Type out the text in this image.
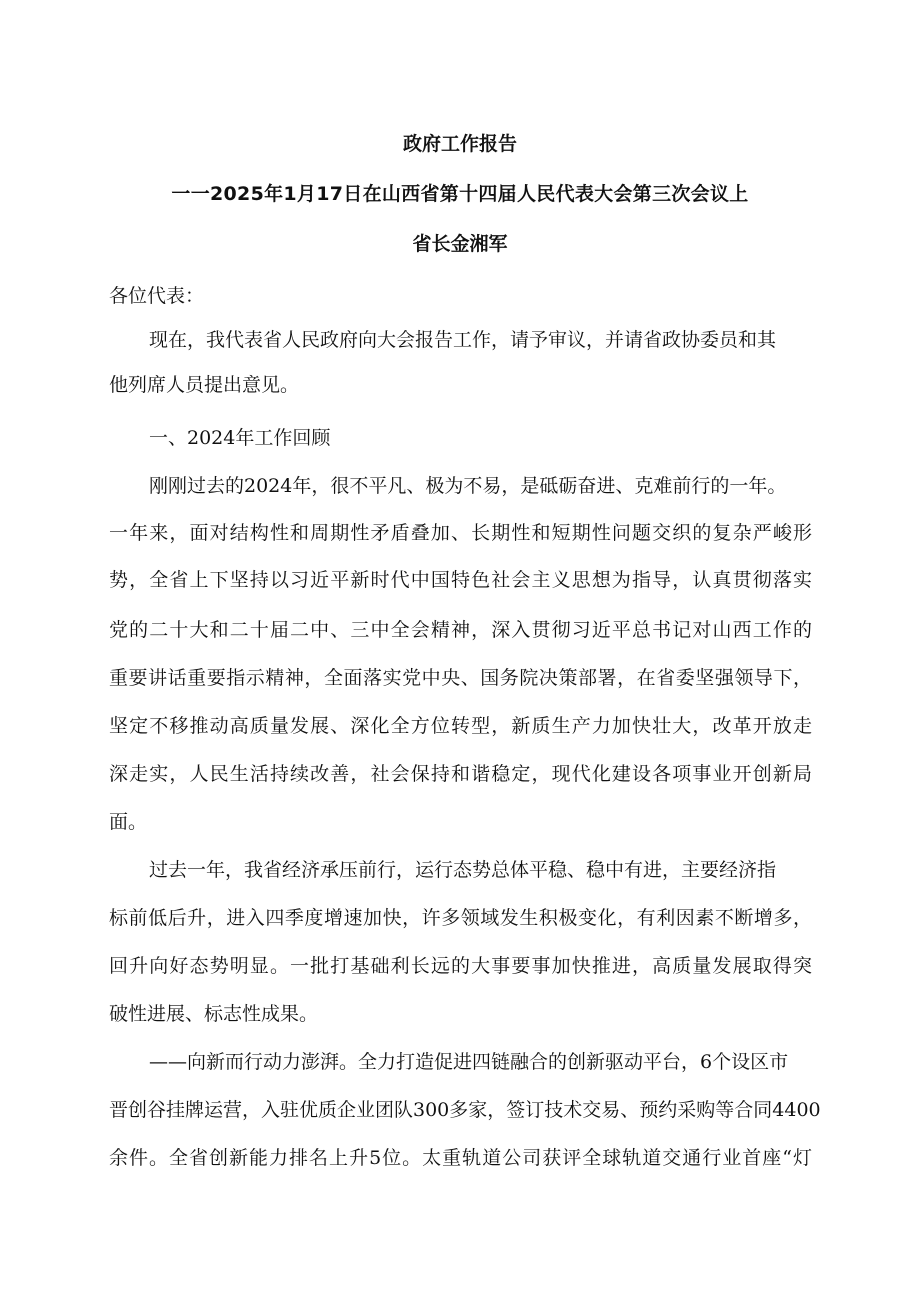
政府工作报告
一一2025年1月17日在山西省第十四届人民代表大会第三次会议上
省长金湘军
各位代表：
现在，我代表省人民政府向大会报告工作，请予审议，并请省政协委员和其
他列席人员提出意见。
一、2024年工作回顾
刚刚过去的2024年，很不平凡、极为不易，是砥砺奋进、克难前行的一年。
一年来，面对结构性和周期性矛盾叠加、长期性和短期性问题交织的复杂严峻形
势，全省上下坚持以习近平新时代中国特色社会主义思想为指导，认真贯彻落实
党的二十大和二十届二中、三中全会精神，深入贯彻习近平总书记对山西工作的
重要讲话重要指示精神，全面落实党中央、国务院决策部署，在省委坚强领导下，
坚定不移推动高质量发展、深化全方位转型，新质生产力加快壮大，改革开放走
深走实，人民生活持续改善，社会保持和谐稳定，现代化建设各项事业开创新局
面。
过去一年，我省经济承压前行，运行态势总体平稳、稳中有进，主要经济指
标前低后升，进入四季度增速加快，许多领域发生积极变化，有利因素不断增多，
回升向好态势明显。一批打基础利长远的大事要事加快推进，高质量发展取得突
破性进展、标志性成果。
——向新而行动力澎湃。全力打造促进四链融合的创新驱动平台，6个设区市
晋创谷挂牌运营，入驻优质企业团队300多家，签订技术交易、预约采购等合同4400
余件。全省创新能力排名上升5位。太重轨道公司获评全球轨道交通行业首座“灯
